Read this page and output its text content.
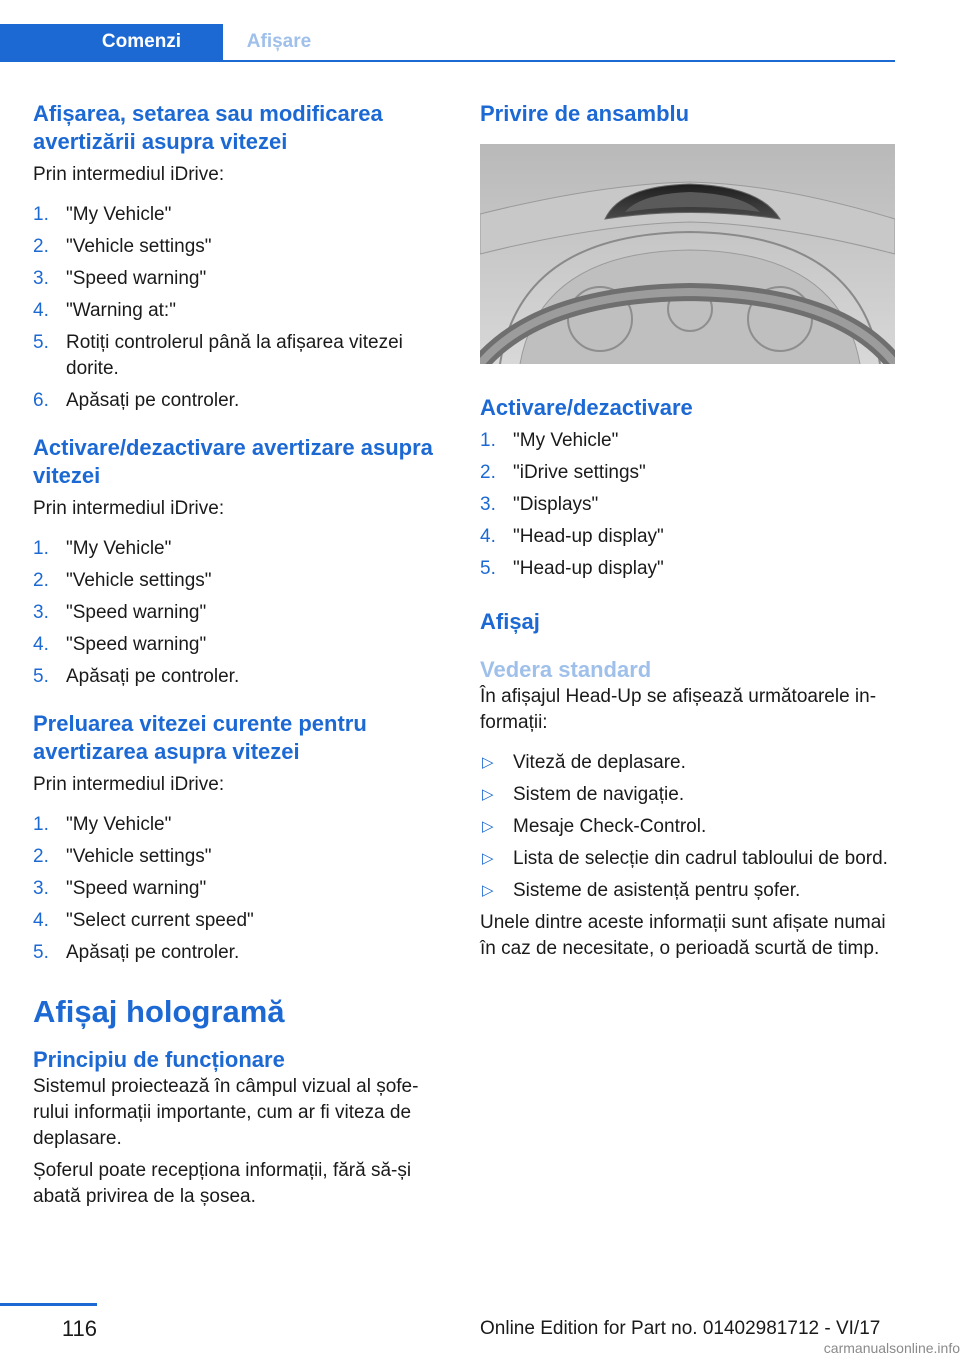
Comenzi	Afișare
Afișarea, setarea sau modificarea avertizării asupra vitezei

Prin intermediul iDrive:

1. "My Vehicle"
2. "Vehicle settings"
3. "Speed warning"
4. "Warning at:"
5. Rotiți controlerul până la afișarea vitezei dorite.
6. Apăsați pe controler.
Activare/dezactivare avertizare asupra vitezei

Prin intermediul iDrive:

1. "My Vehicle"
2. "Vehicle settings"
3. "Speed warning"
4. "Speed warning"
5. Apăsați pe controler.
Preluarea vitezei curente pentru avertizarea asupra vitezei

Prin intermediul iDrive:

1. "My Vehicle"
2. "Vehicle settings"
3. "Speed warning"
4. "Select current speed"
5. Apăsați pe controler.
Afișaj hologramă
Principiu de funcționare

Sistemul proiectează în câmpul vizual al șoferului informații importante, cum ar fi viteza de deplasare.

Șoferul poate recepționa informații, fără să-și abată privirea de la șosea.

Privire de ansamblu
Activare/dezactivare
1. "My Vehicle"
2. "iDrive settings"
3. "Displays"
4. "Head-up display"
5. "Head-up display"
Afișaj
Vedera standard

În afișajul Head-Up se afișează următoarele informații:

▷ Viteză de deplasare.
▷ Sistem de navigație.
▷ Mesaje Check-Control.
▷ Lista de selecție din cadrul tabloului de bord.
▷ Sisteme de asistență pentru șofer.

Unele dintre aceste informații sunt afișate numai în caz de necesitate, o perioadă scurtă de timp.

116	Online Edition for Part no. 01402981712 - VI/17
carmanualsonline.info
